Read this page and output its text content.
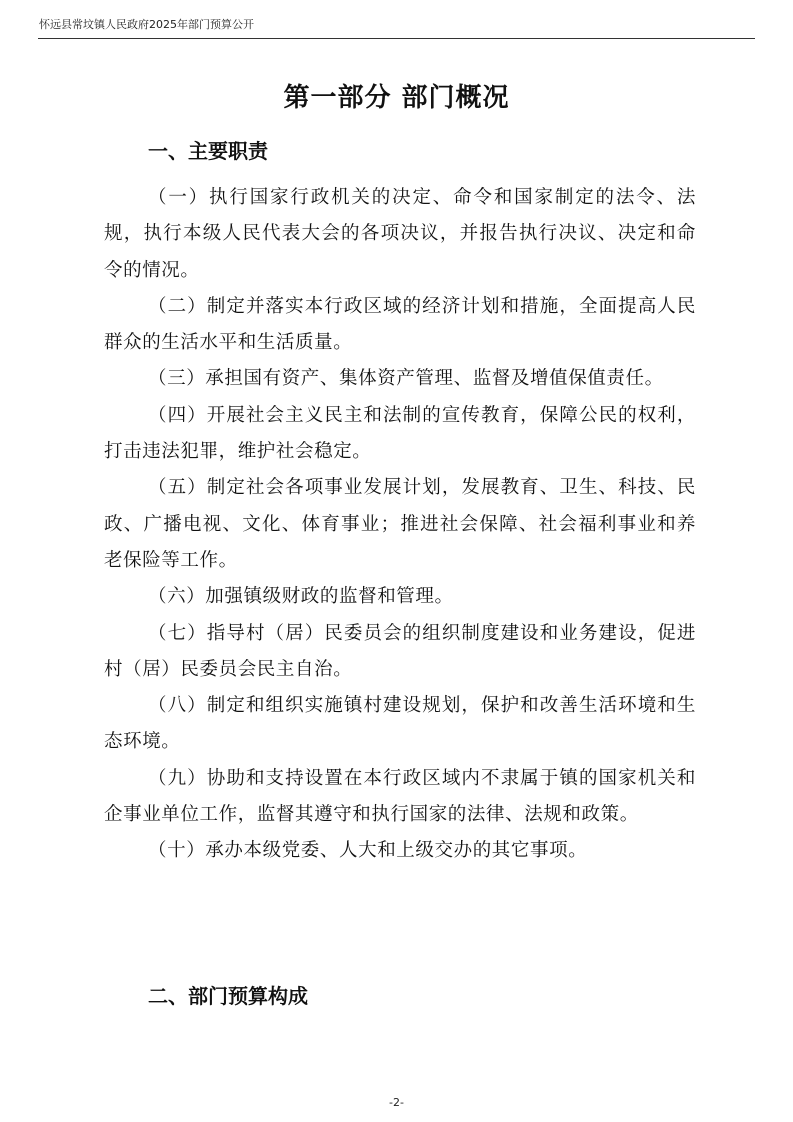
怀远县常坟镇人民政府2025年部门预算公开
第一部分 部门概况
一、主要职责

（一）执行国家行政机关的决定、命令和国家制定的法令、法规，执行本级人民代表大会的各项决议，并报告执行决议、决定和命令的情况。

（二）制定并落实本行政区域的经济计划和措施，全面提高人民群众的生活水平和生活质量。

（三）承担国有资产、集体资产管理、监督及增值保值责任。

（四）开展社会主义民主和法制的宣传教育，保障公民的权利，打击违法犯罪，维护社会稳定。

（五）制定社会各项事业发展计划，发展教育、卫生、科技、民政、广播电视、文化、体育事业；推进社会保障、社会福利事业和养老保险等工作。

（六）加强镇级财政的监督和管理。

（七）指导村（居）民委员会的组织制度建设和业务建设，促进村（居）民委员会民主自治。

（八）制定和组织实施镇村建设规划，保护和改善生活环境和生态环境。

（九）协助和支持设置在本行政区域内不隶属于镇的国家机关和企事业单位工作，监督其遵守和执行国家的法律、法规和政策。

（十）承办本级党委、人大和上级交办的其它事项。

二、部门预算构成
-2-
